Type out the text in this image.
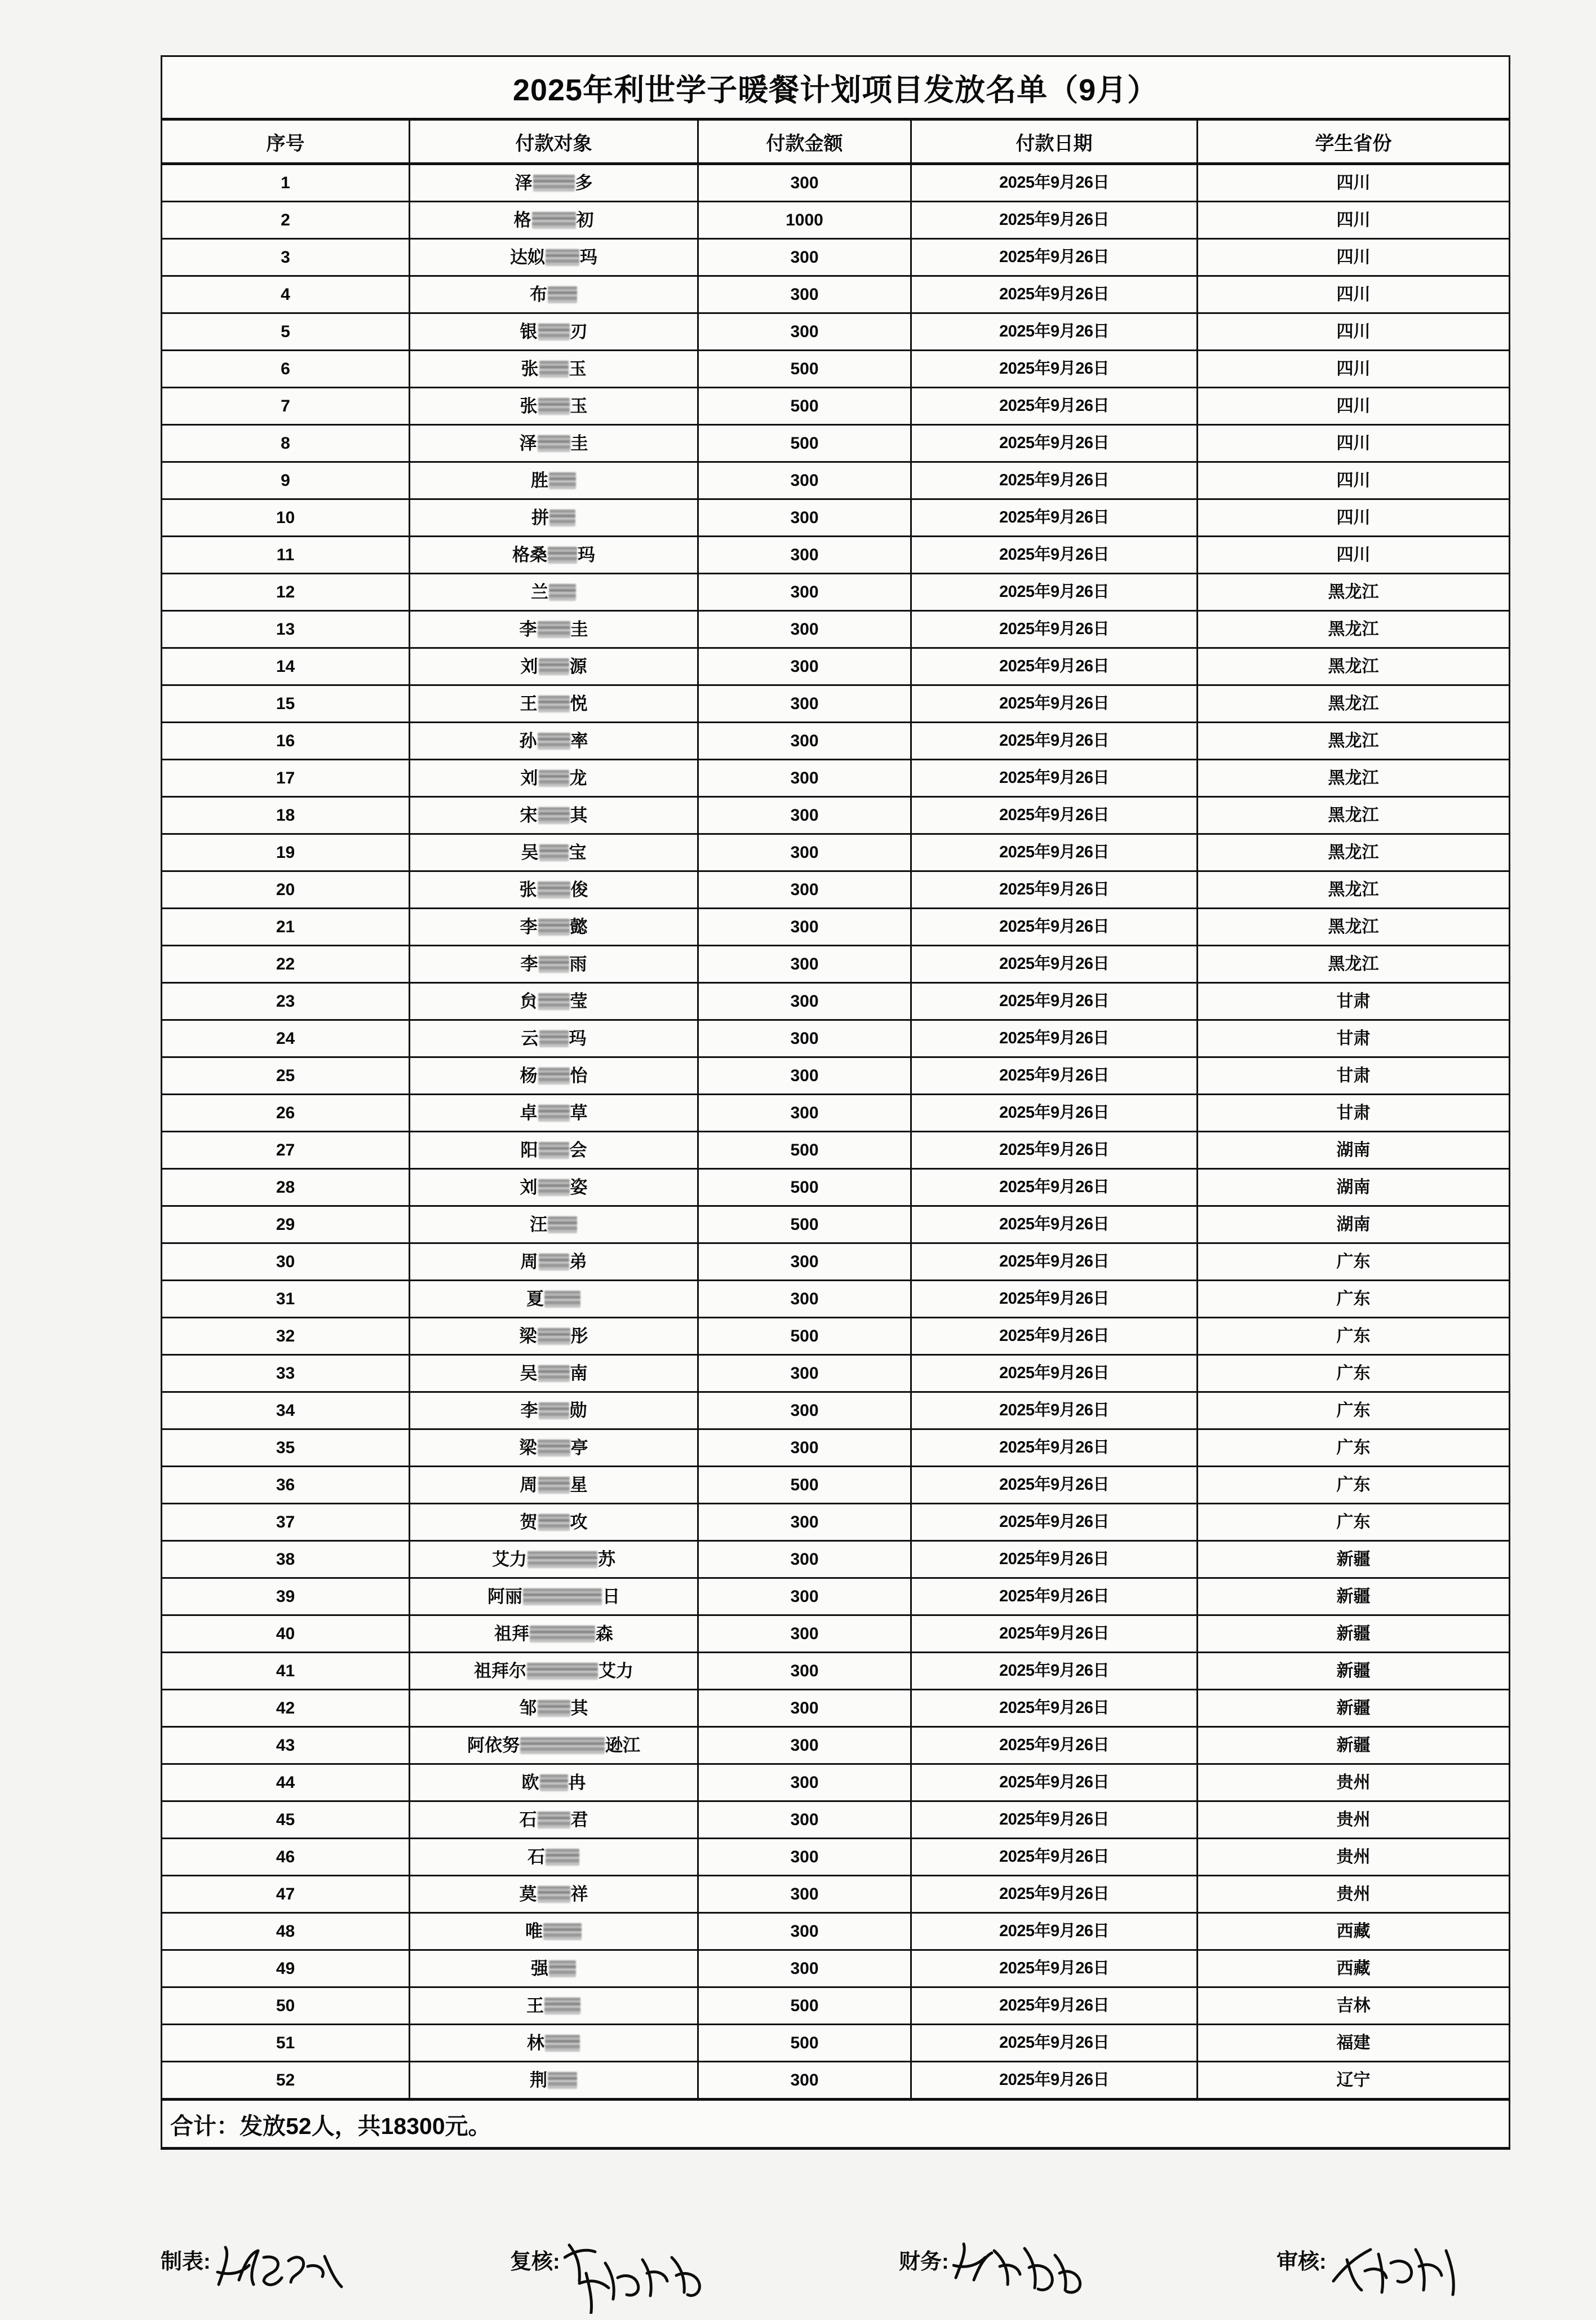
2025年利世学子暖餐计划项目发放名单（9月）				
序号	付款对象	付款金额	付款日期	学生省份
1	泽 多	300	2025年9月26日	四川
2	格 初	1000	2025年9月26日	四川
3	达姒 玛	300	2025年9月26日	四川
4	布	300	2025年9月26日	四川
5	银 刃	300	2025年9月26日	四川
6	张 玉	500	2025年9月26日	四川
7	张 玉	500	2025年9月26日	四川
8	泽 圭	500	2025年9月26日	四川
9	胜	300	2025年9月26日	四川
10	拼	300	2025年9月26日	四川
11	格桑 玛	300	2025年9月26日	四川
12	兰	300	2025年9月26日	黑龙江
13	李 圭	300	2025年9月26日	黑龙江
14	刘 源	300	2025年9月26日	黑龙江
15	王 悦	300	2025年9月26日	黑龙江
16	孙 率	300	2025年9月26日	黑龙江
17	刘 龙	300	2025年9月26日	黑龙江
18	宋 其	300	2025年9月26日	黑龙江
19	吴 宝	300	2025年9月26日	黑龙江
20	张 俊	300	2025年9月26日	黑龙江
21	李 懿	300	2025年9月26日	黑龙江
22	李 雨	300	2025年9月26日	黑龙江
23	贠 莹	300	2025年9月26日	甘肃
24	云 玛	300	2025年9月26日	甘肃
25	杨 怡	300	2025年9月26日	甘肃
26	卓 草	300	2025年9月26日	甘肃
27	阳 会	500	2025年9月26日	湖南
28	刘 姿	500	2025年9月26日	湖南
29	汪	500	2025年9月26日	湖南
30	周 弟	300	2025年9月26日	广东
31	夏	300	2025年9月26日	广东
32	梁 彤	500	2025年9月26日	广东
33	吴 南	300	2025年9月26日	广东
34	李 勋	300	2025年9月26日	广东
35	梁 亭	300	2025年9月26日	广东
36	周 星	500	2025年9月26日	广东
37	贺 攻	300	2025年9月26日	广东
38	艾力 苏	300	2025年9月26日	新疆
39	阿丽 日	300	2025年9月26日	新疆
40	祖拜 森	300	2025年9月26日	新疆
41	祖拜尔 艾力	300	2025年9月26日	新疆
42	邹 其	300	2025年9月26日	新疆
43	阿依努 逊江	300	2025年9月26日	新疆
44	欧 冉	300	2025年9月26日	贵州
45	石 君	300	2025年9月26日	贵州
46	石	300	2025年9月26日	贵州
47	莫 祥	300	2025年9月26日	贵州
48	唯	300	2025年9月26日	西藏
49	强	300	2025年9月26日	西藏
50	王	500	2025年9月26日	吉林
51	林	500	2025年9月26日	福建
52	荆	300	2025年9月26日	辽宁
合计：发放52人，共18300元。				
制表:	复核:	财务:	审核:
